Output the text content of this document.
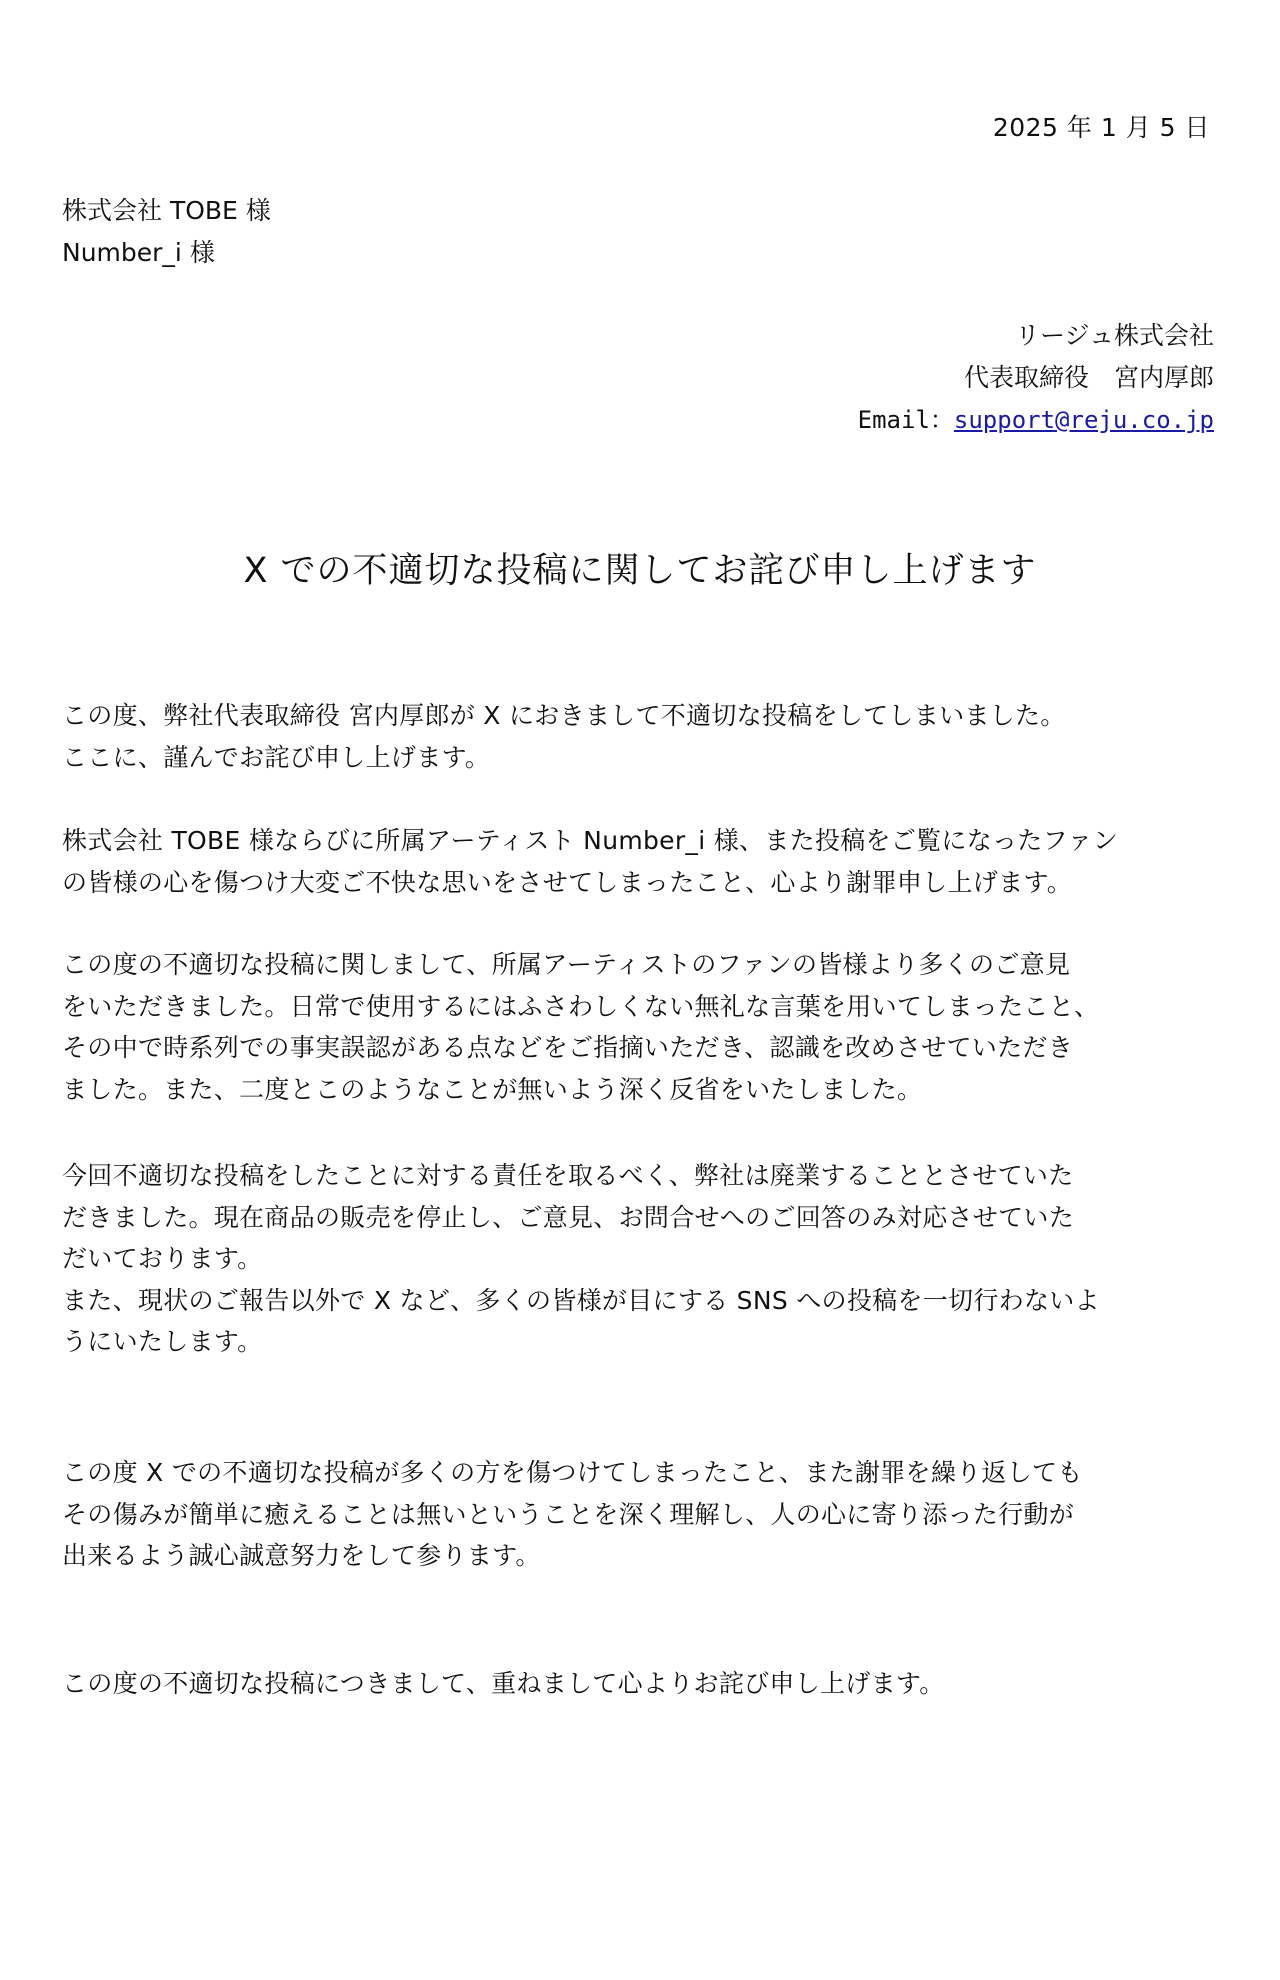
2025 年 1 月 5 日
株式会社 TOBE 様
Number_i 様
リージュ株式会社
代表取締役　宮内厚郎
Email：support@reju.co.jp
X での不適切な投稿に関してお詫び申し上げます

この度、弊社代表取締役 宮内厚郎が X におきまして不適切な投稿をしてしまいました。

ここに、謹んでお詫び申し上げます。

株式会社 TOBE 様ならびに所属アーティスト Number_i 様、また投稿をご覧になったファン

の皆様の心を傷つけ大変ご不快な思いをさせてしまったこと、心より謝罪申し上げます。

この度の不適切な投稿に関しまして、所属アーティストのファンの皆様より多くのご意見

をいただきました。日常で使用するにはふさわしくない無礼な言葉を用いてしまったこと、

その中で時系列での事実誤認がある点などをご指摘いただき、認識を改めさせていただき

ました。また、二度とこのようなことが無いよう深く反省をいたしました。

今回不適切な投稿をしたことに対する責任を取るべく、弊社は廃業することとさせていた

だきました。現在商品の販売を停止し、ご意見、お問合せへのご回答のみ対応させていた

だいております。

また、現状のご報告以外で X など、多くの皆様が目にする SNS への投稿を一切行わないよ

うにいたします。

この度 X での不適切な投稿が多くの方を傷つけてしまったこと、また謝罪を繰り返しても

その傷みが簡単に癒えることは無いということを深く理解し、人の心に寄り添った行動が

出来るよう誠心誠意努力をして参ります。

この度の不適切な投稿につきまして、重ねまして心よりお詫び申し上げます。
